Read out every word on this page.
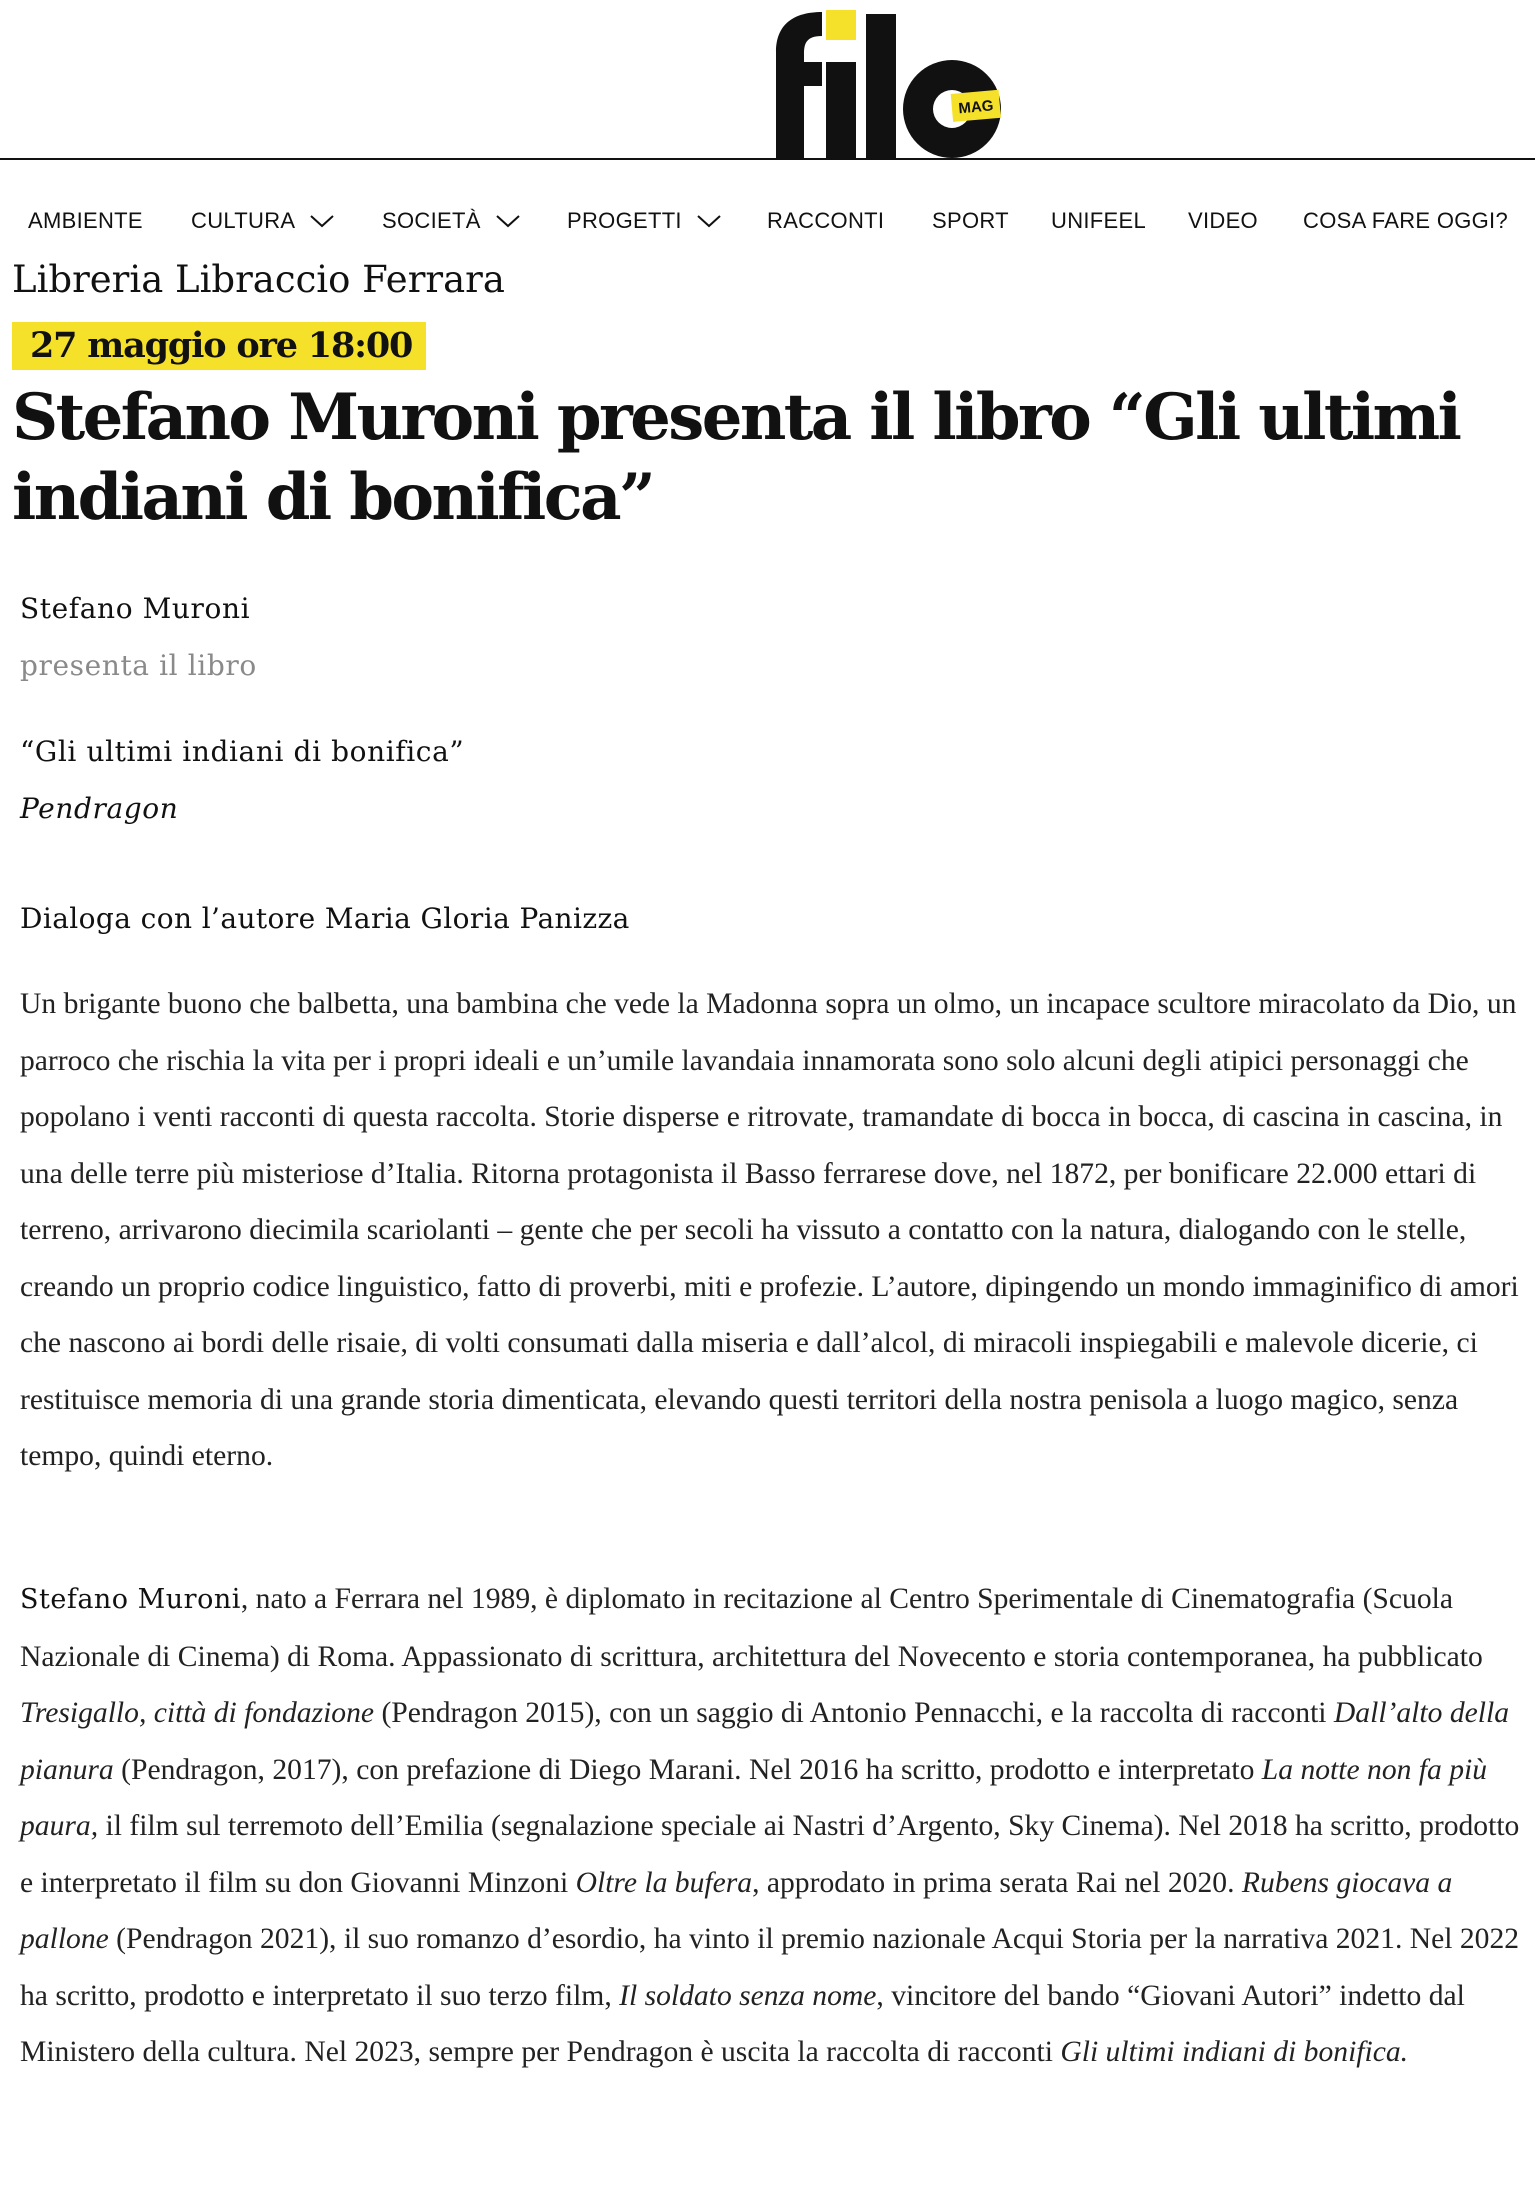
MAG
AMBIENTE CULTURA	SOCIETÀ	PROGETTI	RACCONTI SPORT UNIFEEL VIDEO COSA FARE OGGI?
Libreria Libraccio Ferrara
27 maggio ore 18:00
Stefano Muroni presenta il libro “Gli ultimi indiani di bonifica”
Stefano Muroni
presenta il libro
“Gli ultimi indiani di bonifica”
Pendragon
Dialoga con l’autore Maria Gloria Panizza

Un brigante buono che balbetta, una bambina che vede la Madonna sopra un olmo, un incapace scultore miracolato da Dio, un parroco che rischia la vita per i propri ideali e un’umile lavandaia innamorata sono solo alcuni degli atipici personaggi che popolano i venti racconti di questa raccolta. Storie disperse e ritrovate, tramandate di bocca in bocca, di cascina in cascina, in una delle terre più misteriose d’Italia. Ritorna protagonista il Basso ferrarese dove, nel 1872, per bonificare 22.000 ettari di terreno, arrivarono diecimila scariolanti – gente che per secoli ha vissuto a contatto con la natura, dialogando con le stelle, creando un proprio codice linguistico, fatto di proverbi, miti e profezie. L’autore, dipingendo un mondo immaginifico di amori che nascono ai bordi delle risaie, di volti consumati dalla miseria e dall’alcol, di miracoli inspiegabili e malevole dicerie, ci restituisce memoria di una grande storia dimenticata, elevando questi territori della nostra penisola a luogo magico, senza tempo, quindi eterno.

Stefano Muroni, nato a Ferrara nel 1989, è diplomato in recitazione al Centro Sperimentale di Cinematografia (Scuola Nazionale di Cinema) di Roma. Appassionato di scrittura, architettura del Novecento e storia contemporanea, ha pubblicato Tresigallo, città di fondazione (Pendragon 2015), con un saggio di Antonio Pennacchi, e la raccolta di racconti Dall’alto della pianura (Pendragon, 2017), con prefazione di Diego Marani. Nel 2016 ha scritto, prodotto e interpretato La notte non fa più paura, il film sul terremoto dell’Emilia (segnalazione speciale ai Nastri d’Argento, Sky Cinema). Nel 2018 ha scritto, prodotto e interpretato il film su don Giovanni Minzoni Oltre la bufera, approdato in prima serata Rai nel 2020. Rubens giocava a pallone (Pendragon 2021), il suo romanzo d’esordio, ha vinto il premio nazionale Acqui Storia per la narrativa 2021. Nel 2022 ha scritto, prodotto e interpretato il suo terzo film, Il soldato senza nome, vincitore del bando “Giovani Autori” indetto dal Ministero della cultura. Nel 2023, sempre per Pendragon è uscita la raccolta di racconti Gli ultimi indiani di bonifica.
